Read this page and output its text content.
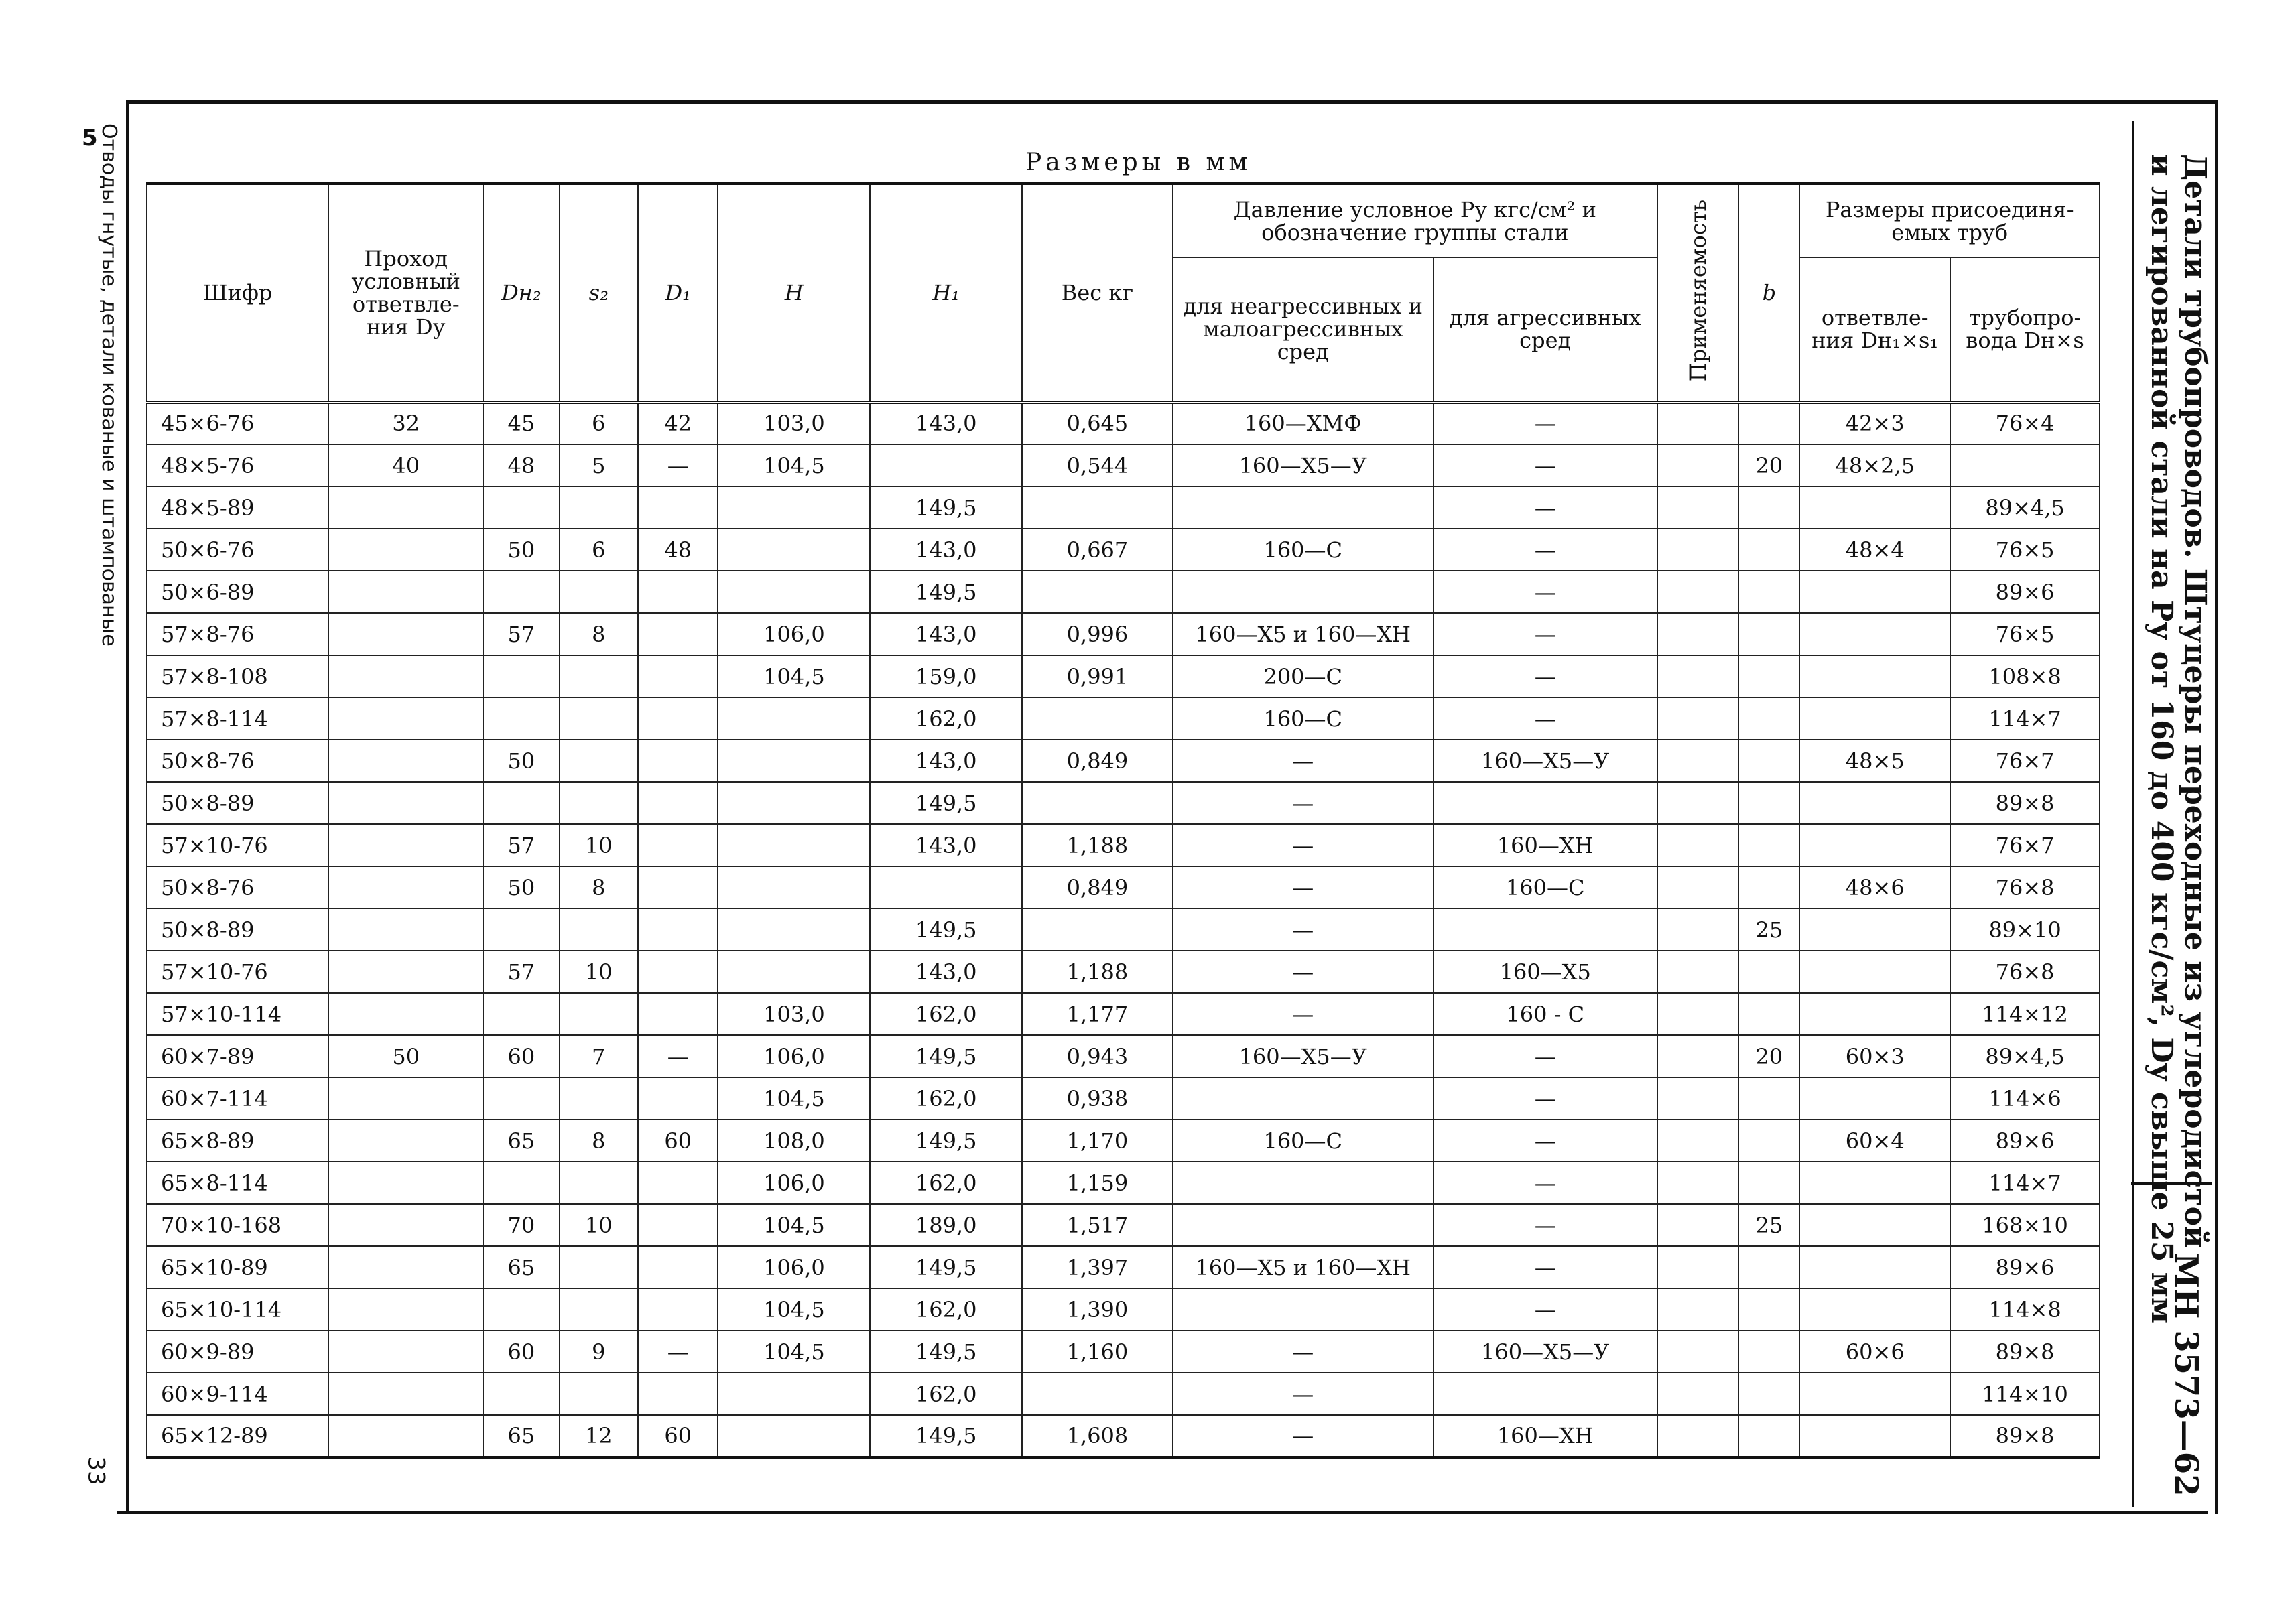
5 Отводы гнутые, детали кованые и штампованые
33
Детали трубопроводов. Штуцеры переходные из углеродистой
и легированной стали на Pу от 160 до 400 кгс/см², Dу свыше 25 мм
МН 3573—62
Размеры в мм
Шифр	Проход условный ответвле- ния Dу	Dн₂	s₂	D₁	H	H₁	Вес кг	Давление условное Pу кгс/см² и обозначение группы стали		Применяемость	b	Размеры присоединя- емых труб	
								для неагрессивных и малоагрессивных сред	для агрессивных сред			ответвле- ния Dн₁×s₁	трубопро- вода Dн×s
45×6-76	32	45	6	42	103,0	143,0	0,645	160—ХМФ	—			42×3	76×4
48×5-76	40	48	5	—	104,5		0,544	160—Х5—У	—		20	48×2,5	
48×5-89						149,5			—				89×4,5
50×6-76		50	6	48		143,0	0,667	160—С	—			48×4	76×5
50×6-89						149,5			—				89×6
57×8-76		57	8		106,0	143,0	0,996	160—Х5 и 160—ХН	—				76×5
57×8-108					104,5	159,0	0,991	200—С	—				108×8
57×8-114						162,0		160—С	—				114×7
50×8-76		50				143,0	0,849	—	160—Х5—У			48×5	76×7
50×8-89						149,5		—					89×8
57×10-76		57	10			143,0	1,188	—	160—ХН				76×7
50×8-76		50	8				0,849	—	160—С			48×6	76×8
50×8-89						149,5		—			25		89×10
57×10-76		57	10			143,0	1,188	—	160—Х5				76×8
57×10-114					103,0	162,0	1,177	—	160 - С				114×12
60×7-89	50	60	7	—	106,0	149,5	0,943	160—Х5—У	—		20	60×3	89×4,5
60×7-114					104,5	162,0	0,938		—				114×6
65×8-89		65	8	60	108,0	149,5	1,170	160—С	—			60×4	89×6
65×8-114					106,0	162,0	1,159		—				114×7
70×10-168		70	10		104,5	189,0	1,517		—		25		168×10
65×10-89		65			106,0	149,5	1,397	160—Х5 и 160—ХН	—				89×6
65×10-114					104,5	162,0	1,390		—				114×8
60×9-89		60	9	—	104,5	149,5	1,160	—	160—Х5—У			60×6	89×8
60×9-114						162,0		—					114×10
65×12-89		65	12	60		149,5	1,608	—	160—ХН				89×8
